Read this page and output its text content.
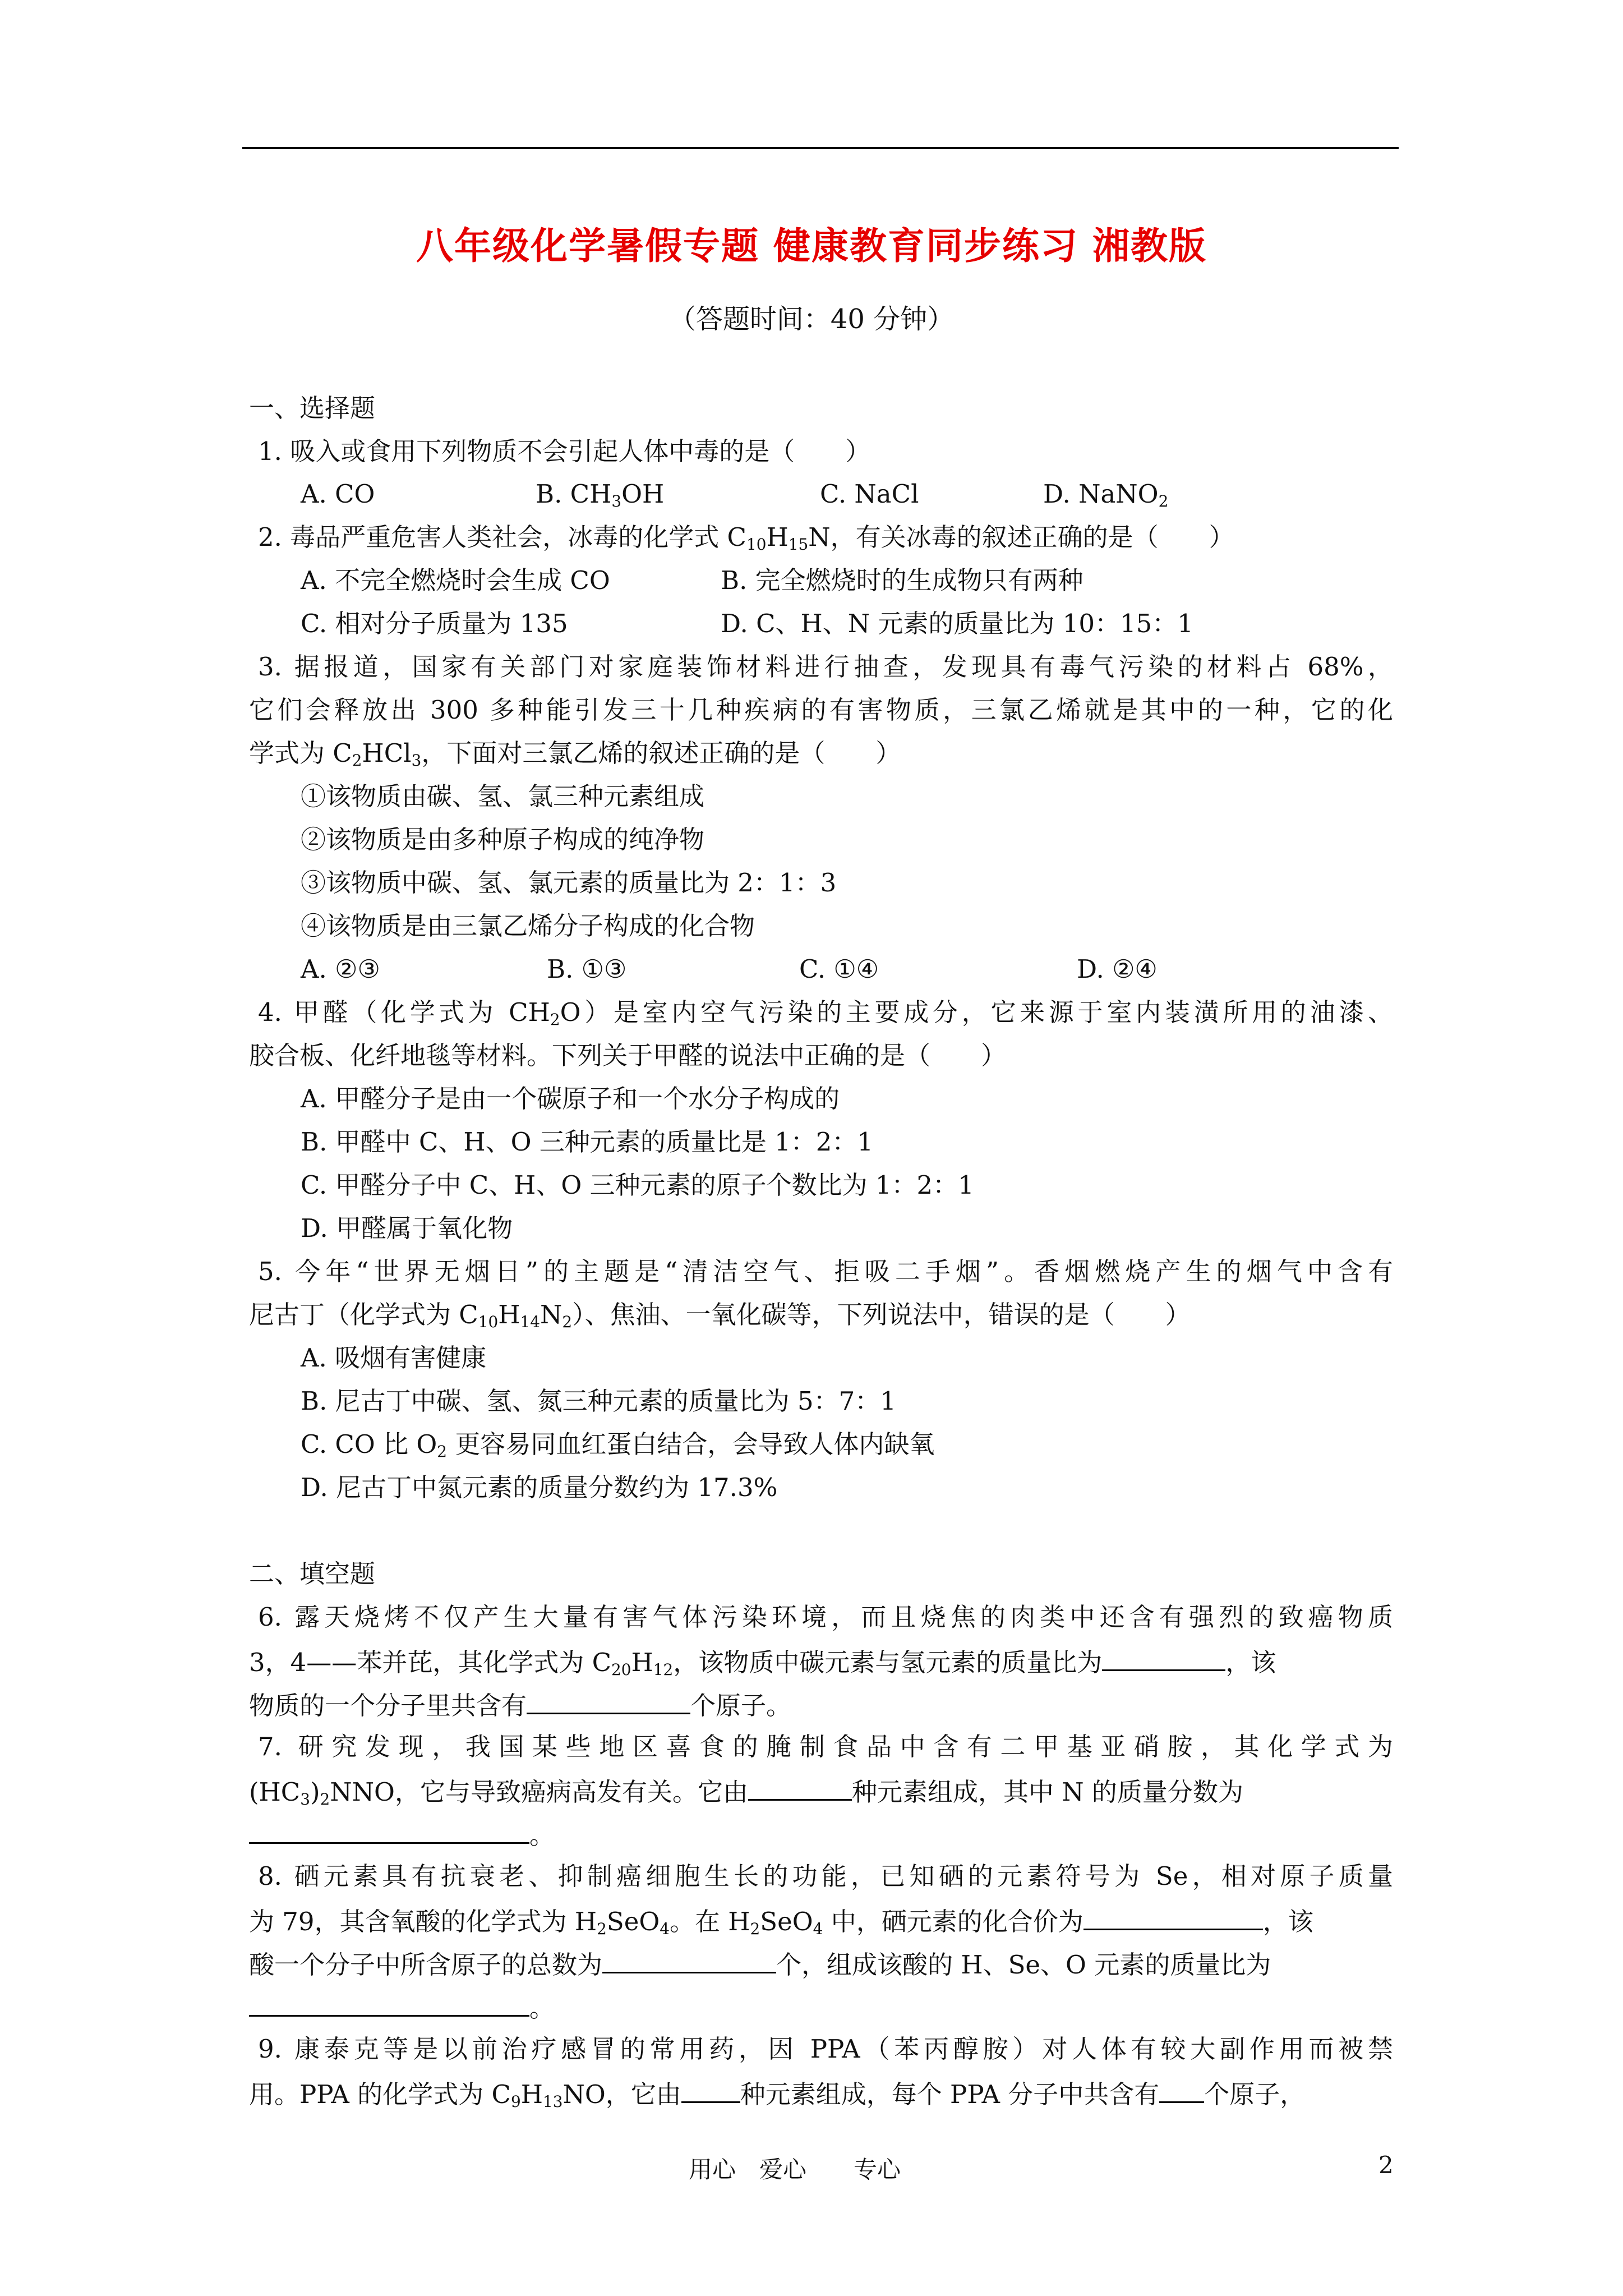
八年级化学暑假专题 健康教育同步练习 湘教版
（答题时间：40 分钟）
一、选择题
1. 吸入或食用下列物质不会引起人体中毒的是（　　）
A. CO	B. $CH_3OH$	C. NaCl	D. NaNO$_2$
2. 毒品严重危害人类社会，冰毒的化学式 $C_{10}H_{15}N$，有关冰毒的叙述正确的是（　　）
A. 不完全燃烧时会生成 CO	B. 完全燃烧时的生成物只有两种
C. 相对分子质量为 135	D. C、H、N 元素的质量比为 10：15：1
3. 据报道，国家有关部门对家庭装饰材料进行抽查，发现具有毒气污染的材料占 68%，
它们会释放出 300 多种能引发三十几种疾病的有害物质，三氯乙烯就是其中的一种，它的化
学式为 $C_2HCl_3$，下面对三氯乙烯的叙述正确的是（　　）
①该物质由碳、氢、氯三种元素组成
②该物质是由多种原子构成的纯净物
③该物质中碳、氢、氯元素的质量比为 2：1：3
④该物质是由三氯乙烯分子构成的化合物
A. ②③	B. ①③	C. ①④	D. ②④
4. 甲醛（化学式为 $CH_2O$）是室内空气污染的主要成分，它来源于室内装潢所用的油漆、
胶合板、化纤地毯等材料。下列关于甲醛的说法中正确的是（　　）
A. 甲醛分子是由一个碳原子和一个水分子构成的
B. 甲醛中 C、H、O 三种元素的质量比是 1：2：1
C. 甲醛分子中 C、H、O 三种元素的原子个数比为 1：2：1
D. 甲醛属于氧化物
5. 今年“世界无烟日”的主题是“清洁空气、拒吸二手烟”。香烟燃烧产生的烟气中含有
尼古丁（化学式为 $C_{10}H_{14}N_2$）、焦油、一氧化碳等，下列说法中，错误的是（　　）
A. 吸烟有害健康
B. 尼古丁中碳、氢、氮三种元素的质量比为 5：7：1
C. CO 比 $O_2$ 更容易同血红蛋白结合，会导致人体内缺氧
D. 尼古丁中氮元素的质量分数约为 17.3%
二、填空题
6. 露天烧烤不仅产生大量有害气体污染环境，而且烧焦的肉类中还含有强烈的致癌物质
3，4——苯并芘，其化学式为 $C_{20}H_{12}$，该物质中碳元素与氢元素的质量比为	，该
物质的一个分子里共含有	个原子。
7. 研究发现，我国某些地区喜食的腌制食品中含有二甲基亚硝胺，其化学式为
$(HC_3)_2NNO$，它与导致癌病高发有关。它由	种元素组成，其中 N 的质量分数为
。
8. 硒元素具有抗衰老、抑制癌细胞生长的功能，已知硒的元素符号为 Se，相对原子质量
为 79，其含氧酸的化学式为 $H_2SeO_4$。在 $H_2SeO_4$ 中，硒元素的化合价为	，该
酸一个分子中所含原子的总数为	个，组成该酸的 H、Se、O 元素的质量比为
。
9. 康泰克等是以前治疗感冒的常用药，因 PPA（苯丙醇胺）对人体有较大副作用而被禁
用。PPA 的化学式为 $C_9H_{13}NO$，它由 种元素组成，每个 PPA 分子中共含有 个原子，
用心　爱心　　专心	2
